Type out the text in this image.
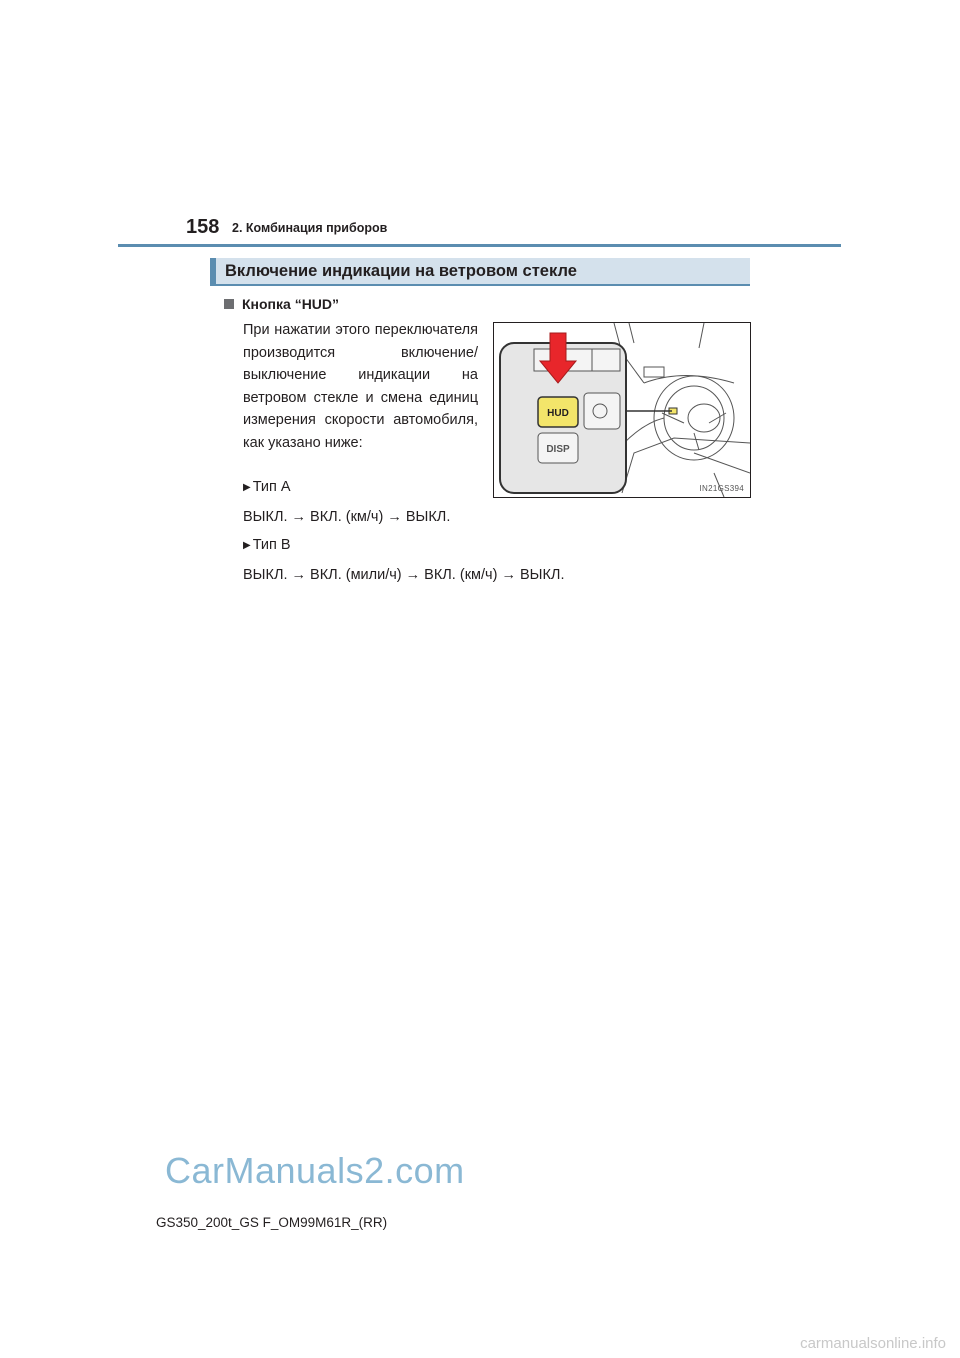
158 2. Комбинация приборов
Включение индикации на ветровом стекле
Кнопка “HUD”
При нажатии этого переключателя производится включение/выключение индикации на ветровом стекле и смена единиц измерения скорости автомобиля, как указано ниже:
▶ Тип A
ВЫКЛ. → ВКЛ. (км/ч) → ВЫКЛ.
▶ Тип B
ВЫКЛ. → ВКЛ. (мили/ч) → ВКЛ. (км/ч) → ВЫКЛ.
HUD
DISP
IN21GS394
CarManuals2.com
GS350_200t_GS F_OM99M61R_(RR)
carmanualsonline.info
